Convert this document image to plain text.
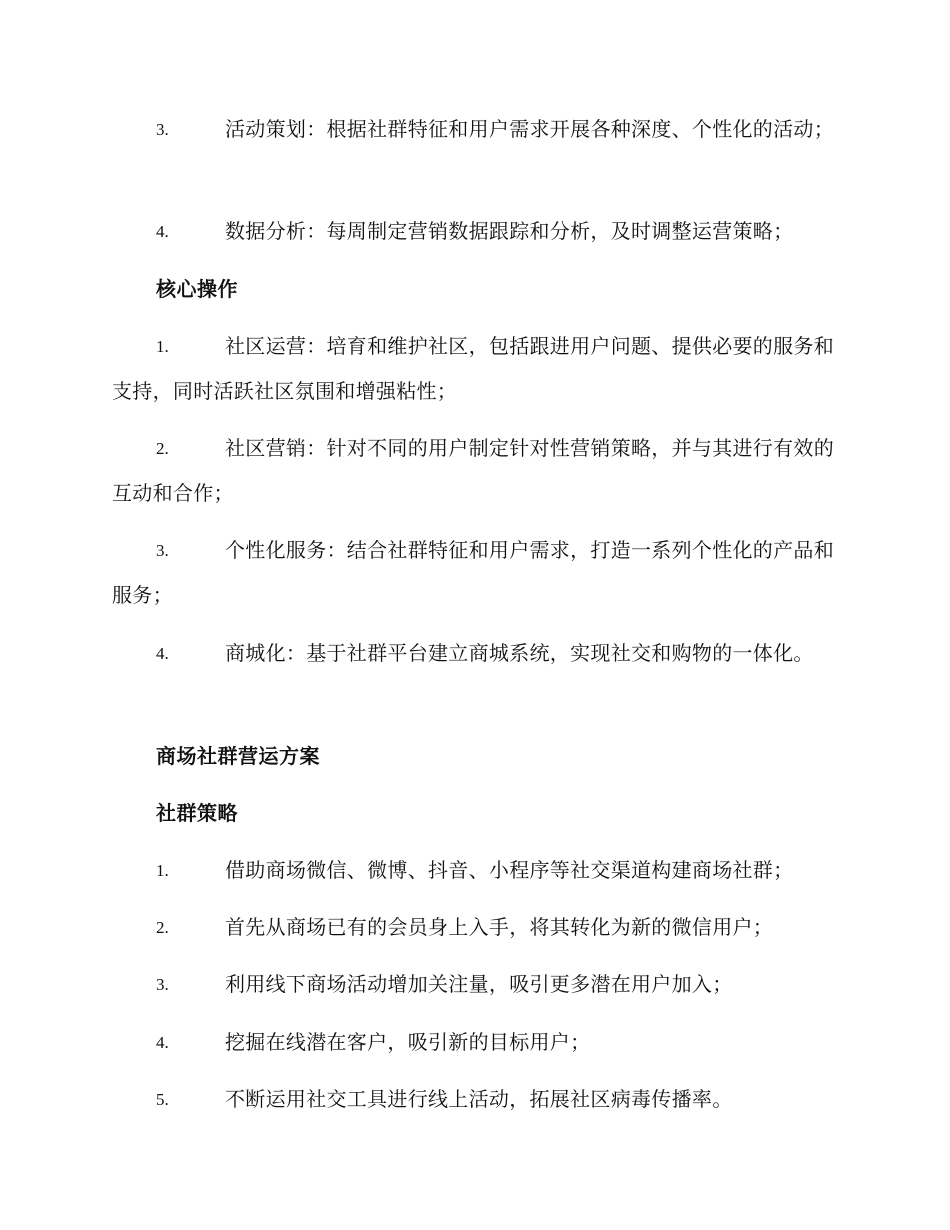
3.	活动策划：根据社群特征和用户需求开展各种深度、个性化的活动；
4.	数据分析：每周制定营销数据跟踪和分析，及时调整运营策略；
核心操作
1.	社区运营：培育和维护社区，包括跟进用户问题、提供必要的服务和支持，同时活跃社区氛围和增强粘性；
2.	社区营销：针对不同的用户制定针对性营销策略，并与其进行有效的互动和合作；
3.	个性化服务：结合社群特征和用户需求，打造一系列个性化的产品和服务；
4.	商城化：基于社群平台建立商城系统，实现社交和购物的一体化。
商场社群营运方案
社群策略
1.	借助商场微信、微博、抖音、小程序等社交渠道构建商场社群；
2.	首先从商场已有的会员身上入手，将其转化为新的微信用户；
3.	利用线下商场活动增加关注量，吸引更多潜在用户加入；
4.	挖掘在线潜在客户，吸引新的目标用户；
5.	不断运用社交工具进行线上活动，拓展社区病毒传播率。
